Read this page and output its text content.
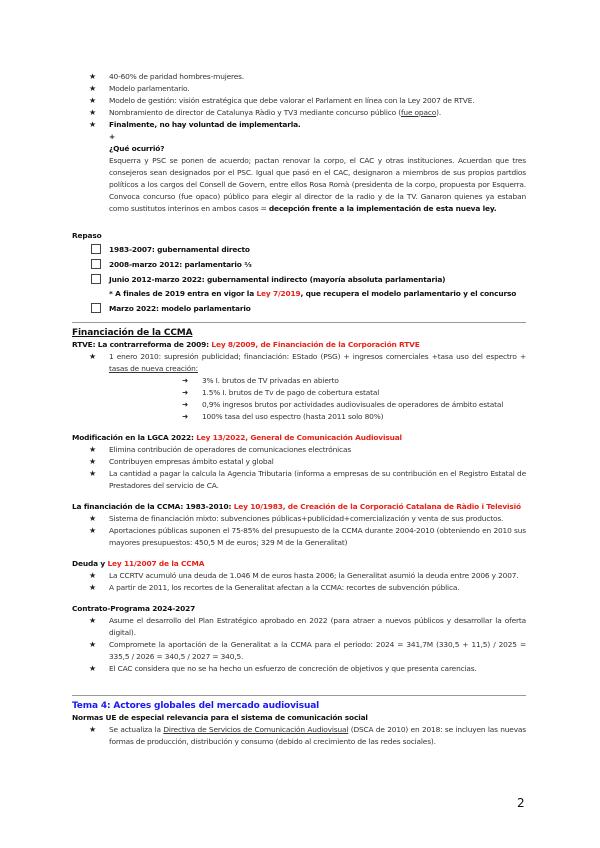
★ 40-60% de paridad hombres-mujeres.
★ Modelo parlamentario.
★ Modelo de gestión: visión estratégica que debe valorar el Parlament en línea con la Ley 2007 de RTVE.
★ Nombramiento de director de Catalunya Ràdio y TV3 mediante concurso público (fue opaco).
★ Finalmente, no hay voluntad de implementarla.
+
¿Qué ocurrió?
Esquerra y PSC se ponen de acuerdo; pactan renovar la corpo, el CAC y otras instituciones. Acuerdan que tres consejeros sean designados por el PSC. Igual que pasó en el CAC, designaron a miembros de sus propios partdios políticos a los cargos del Consell de Govern, entre ellos Rosa Romà (presidenta de la corpo, propuesta por Esquerra. Convoca concurso (fue opaco) público para elegir al director de la radio y de la TV. Ganaron quienes ya estaban como sustitutos interinos en ambos casos = decepción frente a la implementación de esta nueva ley.
Repaso
1983-2007: gubernamental directo
2008-marzo 2012: parlamentario ⅔
Junio 2012-marzo 2022: gubernamental indirecto (mayoría absoluta parlamentaria)
* A finales de 2019 entra en vigor la Ley 7/2019, que recupera el modelo parlamentario y el concurso
Marzo 2022: modelo parlamentario
Financiación de la CCMA
RTVE: La contrarreforma de 2009: Ley 8/2009, de Financiación de la Corporación RTVE
★ 1 enero 2010: supresión publicidad; financiación: EStado (PSG) + ingresos comerciales +tasa uso del espectro + tasas de nueva creación:
➜ 3% I. brutos de TV privadas en abierto
➜ 1.5% I. brutos de Tv de pago de cobertura estatal
➜ 0,9% ingresos brutos por actividades audiovisuales de operadores de ámbito estatal
➜ 100% tasa del uso espectro (hasta 2011 solo 80%)
Modificación en la LGCA 2022: Ley 13/2022, General de Comunicación Audiovisual
★ Elimina contribución de operadores de comunicaciones electrónicas
★ Contribuyen empresas ámbito estatal y global
★ La cantidad a pagar la calcula la Agencia Tributaria (informa a empresas de su contribución en el Registro Estatal de Prestadores del servicio de CA.
La financiación de la CCMA: 1983-2010: Ley 10/1983, de Creación de la Corporació Catalana de Ràdio i Televisió
★ Sistema de financiación mixto: subvenciones públicas+publicidad+comercialización y venta de sus productos.
★ Aportaciones públicas suponen el 75-85% del presupuesto de la CCMA durante 2004-2010 (obteniendo en 2010 sus mayores presupuestos: 450,5 M de euros; 329 M de la Generalitat)
Deuda y Ley 11/2007 de la CCMA
★ La CCRTV acumuló una deuda de 1.046 M de euros hasta 2006; la Generalitat asumió la deuda entre 2006 y 2007.
★ A partir de 2011, los recortes de la Generalitat afectan a la CCMA: recortes de subvención pública.
Contrato-Programa 2024-2027
★ Asume el desarrollo del Plan Estratégico aprobado en 2022 (para atraer a nuevos públicos y desarrollar la oferta digital).
★ Compromete la aportación de la Generalitat a la CCMA para el periodo: 2024 = 341,7M (330,5 + 11,5) / 2025 = 335,5 / 2026 = 340,5 / 2027 = 340,5.
★ El CAC considera que no se ha hecho un esfuerzo de concreción de objetivos y que presenta carencias.
Tema 4: Actores globales del mercado audiovisual
Normas UE de especial relevancia para el sistema de comunicación social
★ Se actualiza la Directiva de Servicios de Comunicación Audiovisual (DSCA de 2010) en 2018: se incluyen las nuevas formas de producción, distribución y consumo (debido al crecimiento de las redes sociales).
2
